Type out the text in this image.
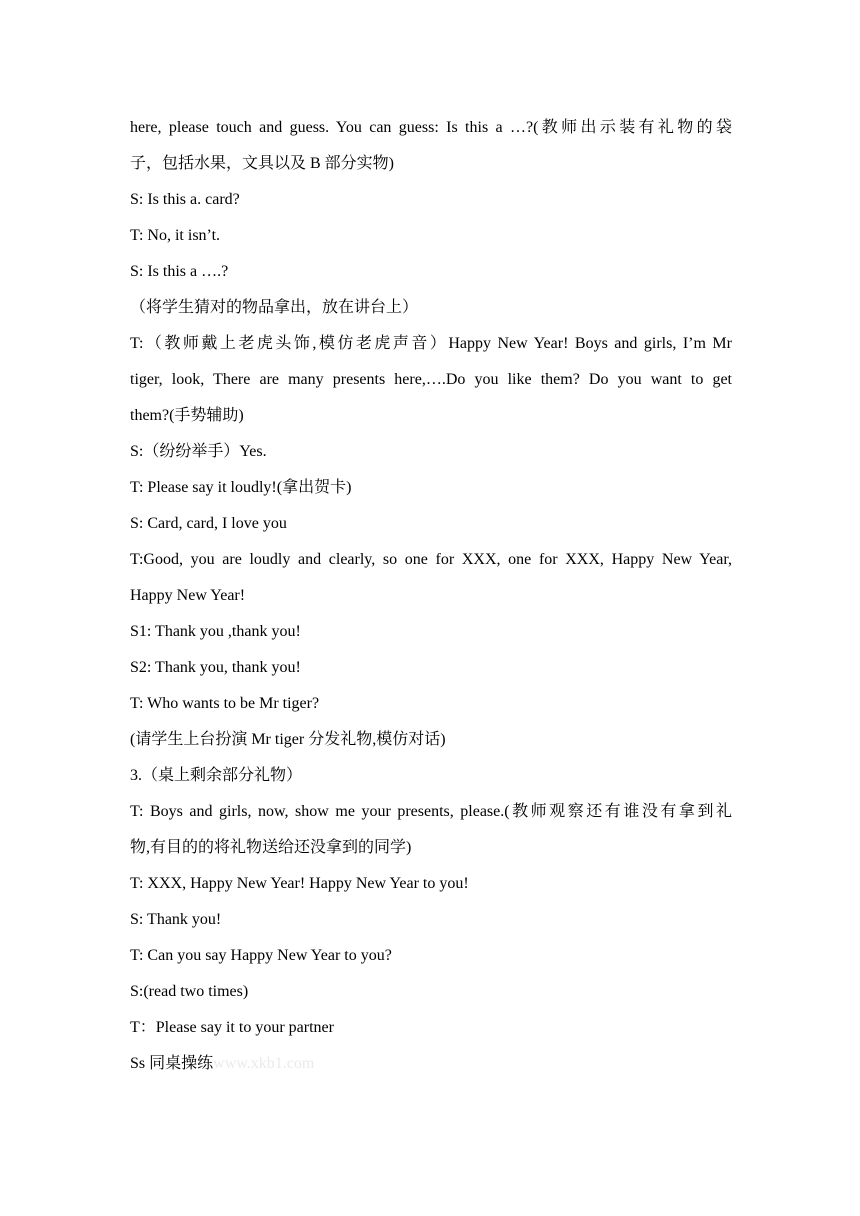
here, please touch and guess. You can guess: Is this a …?(教师出示装有礼物的袋

子，包括水果，文具以及 B 部分实物)

S: Is this a. card?

T: No, it isn’t.

S: Is this a ….?

（将学生猜对的物品拿出，放在讲台上）

T:（教师戴上老虎头饰,模仿老虎声音）Happy New Year! Boys and girls, I’m Mr

tiger, look, There are many presents here,….Do you like them? Do you want to get

them?(手势辅助)

S:（纷纷举手）Yes.

T: Please say it loudly!(拿出贺卡)

S: Card, card, I love you

T:Good, you are loudly and clearly, so one for XXX, one for XXX, Happy New Year,

Happy New Year!

S1: Thank you ,thank you!

S2: Thank you, thank you!

T: Who wants to be Mr tiger?

(请学生上台扮演 Mr tiger 分发礼物,模仿对话)

3.（桌上剩余部分礼物）

T: Boys and girls, now, show me your presents, please.(教师观察还有谁没有拿到礼

物,有目的的将礼物送给还没拿到的同学)

T: XXX, Happy New Year! Happy New Year to you!

S: Thank you!

T: Can you say Happy New Year to you?

S:(read two times)

T：Please say it to your partner

Ss 同桌操练www.xkb1.com
